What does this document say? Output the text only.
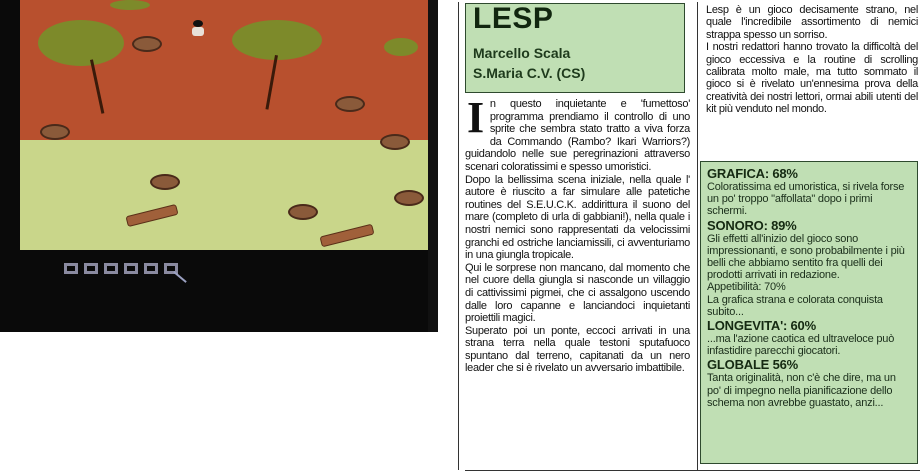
LESP
Marcello Scala
S.Maria C.V. (CS)
I n questo inquietante e 'fumettoso' programma prendiamo il controllo di uno sprite che sembra stato tratto a viva forza da Commando (Rambo? Ikari Warriors?) guidandolo nelle sue peregrinazioni attraverso scenari coloratissimi e spesso umoristici.

Dopo la bellissima scena iniziale, nella quale l' autore è riuscito a far simulare alle patetiche routines del S.E.U.C.K. addirittura il suono del mare (completo di urla di gabbiani!), nella quale i nostri nemici sono rappresentati da velocissimi granchi ed ostriche lanciamissili, ci avventuriamo in una giungla tropicale.

Qui le sorprese non mancano, dal momento che nel cuore della giungla si nasconde un villaggio di cattivissimi pigmei, che ci assalgono uscendo dalle loro capanne e lanciandoci inquietanti proiettili magici.

Superato poi un ponte, eccoci arrivati in una strana terra nella quale testoni sputafuoco spuntano dal terreno, capitanati da un nero leader che si è rivelato un avversario imbattibile.

Lesp è un gioco decisamente strano, nel quale l'incredibile assortimento di nemici strappa spesso un sorriso.

I nostri redattori hanno trovato la difficoltà del gioco eccessiva e la routine di scrolling calibrata molto male, ma tutto sommato il gioco si è rivelato un'ennesima prova della creatività dei nostri lettori, ormai abili utenti del kit più venduto nel mondo.

GRAFICA: 68%

Coloratissima ed umoristica, si rivela forse un po' troppo "affollata" dopo i primi schermi.

SONORO: 89%

Gli effetti all'inizio del gioco sono impressionanti, e sono probabilmente i più belli che abbiamo sentito fra quelli dei prodotti arrivati in redazione.

Appetibilità: 70%

La grafica strana e colorata conquista subito...

LONGEVITA': 60%

...ma l'azione caotica ed ultraveloce può infastidire parecchi giocatori.

GLOBALE 56%

Tanta originalità, non c'è che dire, ma un po' di impegno nella pianificazione dello schema non avrebbe guastato, anzi...
